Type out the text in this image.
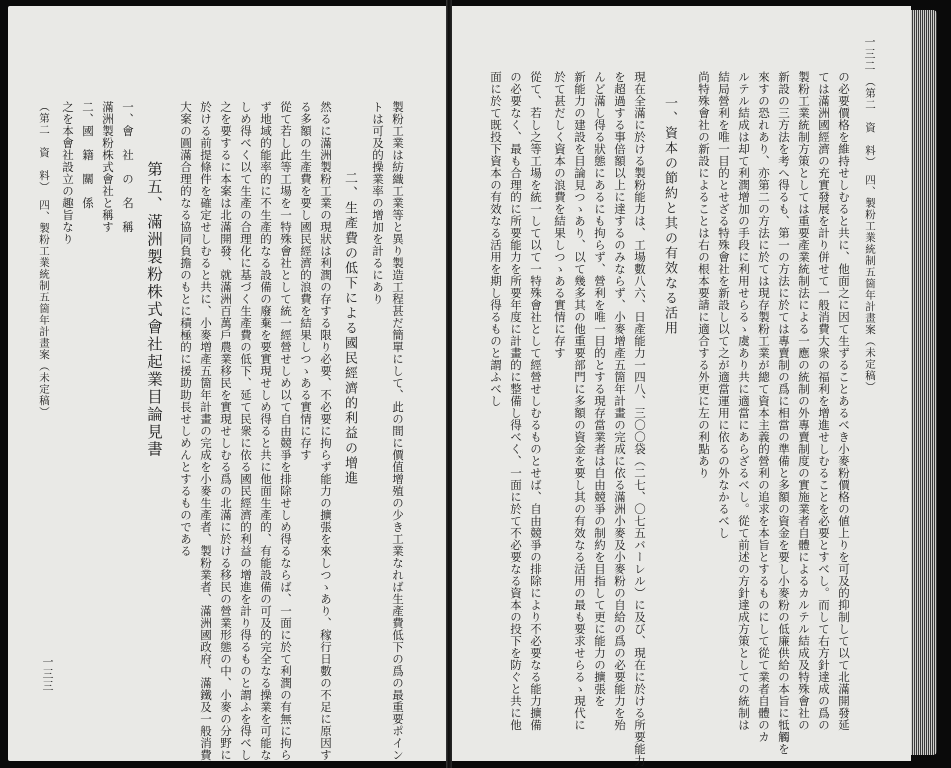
（第二　資　料）　四、製粉工業統制五箇年計畫案（未定稿） 之を本會社設立の趣旨なり 二、國　籍　關　係 滿洲製粉株式會社と稱す 一、會　社　の　名　稱 第五、滿洲製粉株式會社起業目論見書 大案の圓滿合理的なる協同負擔のもとに積極的に援助助長せしめんとするものである 於ける前提條件を確定せしむると共に、小麥増產五箇年計畫の完成を小麥生產者、製粉業者、滿洲國政府、滿鐵及一般消費 之を要するに本案は北滿開發、就滿洲百萬戶農業移民を實現せしむる爲の北滿に於ける移民の營業形態の中、小麥の分野に しめ得べく以て生產の合理化に基づく生產費の低下、延て民衆に依る國民經濟的利益の增進を計り得るものと謂ふを得べし ず地域的能率的に不生產的なる設備の廢棄を要實現せしめ得ると共に他面生產的、有能設備の可及的完全なる操業を可能な 從て若し此等工場を一特殊會社として統一經營せしめ以て自由競爭を排除せしめ得るならば、一面に於て利潤の有無に拘ら る多額の生產費を要し國民經濟的浪費を結果しつゝある實情に存す 然るに滿洲製粉工業の現狀は利潤の存する限り必要、不必要に拘らず能力の擴張を來しつゝあり、稼行日數の不足に原因す 二、生產費の低下による國民經濟的利益の增進 トは可及的操業率の增加を計るにあり 製粉工業は紡織工業等と異り製造工程甚だ簡單にして、此の間に價值增殖の少き工業なれば生產費低下の爲の最重要ポイン
一三三
面に於て既投下資本の有效なる活用を期し得るものと謂ふべし の必要なく、最も合理的に所要能力を所要年度に計畫的に整備し得べく、一面に於て不必要なる資本の投下を防ぐと共に他 從て、若し之等工場を統一して以て一特殊會社として經營せしむるものとせば、自由競爭の排除により不必要なる能力擴備 於て甚だしく資本の浪費を結果しつゝある實情に存す 新能力の建設を目論見つゝあり、以て幾多其の他重要部門に多額の資金を要し其の有效なる活用の最も要求せらるゝ現代に んど滿し得る狀態にあるにも拘らず、營利を唯一目的とする現存當業者は自由競爭の制約を目指して更に能力の擴張を を超過する事倍額以上に達するのみならず、小麥增產五箇年計畫の完成に依る滿洲小麥及小麥粉の自給の爲の必要能力を殆 現在全滿に於ける製粉能力は、工場數八六、日產能力一四八、三〇〇袋（二七、〇七五バーレル）に及び、現在に於ける所要能力 一、資本の節約と其の有效なる活用 尚特殊會社の新設によることは右の根本要請に適合する外更に左の利點あり 結局營利を唯一目的とせざる特殊會社を新設し以て之が適當運用に依るの外なかるべし ルテル結成は却て利潤增加の手段に利用せらるゝ虞あり共に適當にあらざるべし。從て前述の方針達成方策としての統制は 來すの恐れあり、亦第二の方法に於ては現存製粉工業が總て資本主義的營利の追求を本旨とするものにして從て業者自體のカ 新設の三方法を考へ得るも、第一の方法に於ては專賣制の爲に相當の準備と多額の資金を要し小麥粉の低廉供給の本旨に牴觸を 製粉工業統制方策としては重要產業統制法による一應の統制の外專賣制度の實施業者自體によるカルテル結成及特殊會社の ては滿洲國經濟の充實發展を計り併せて一般消費大衆の福利を增進せしむることを必要とすべし。而して右方針達成の爲の の必要價格を維持せしむると共に、他面之に因て生ずることあるべき小麥粉價格の値上りを可及的抑制して以て北滿開發延 （第二　資　料）　四、製粉工業統制五箇年計畫案（未定稿）
一三二
